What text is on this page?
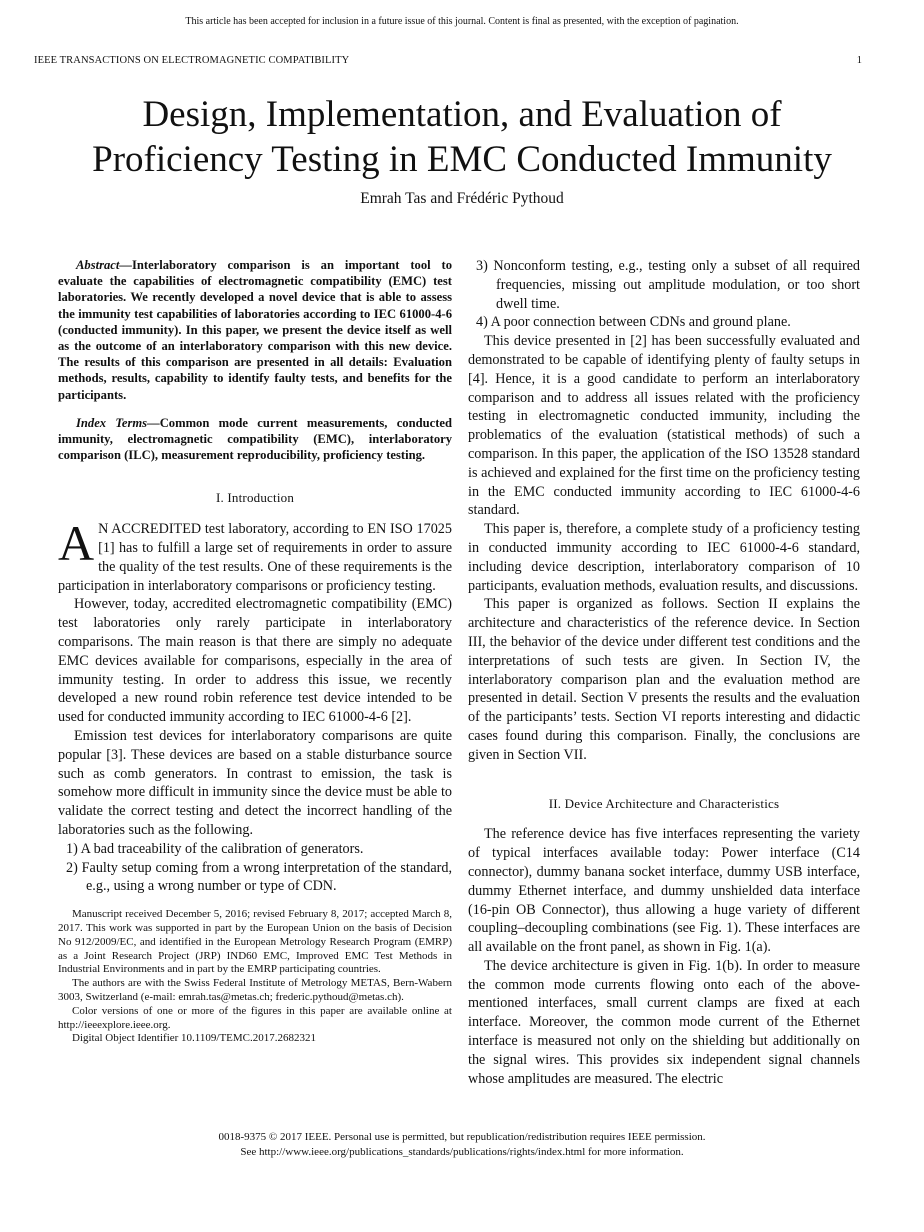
This article has been accepted for inclusion in a future issue of this journal. Content is final as presented, with the exception of pagination.
IEEE TRANSACTIONS ON ELECTROMAGNETIC COMPATIBILITY	1
Design, Implementation, and Evaluation of
Proficiency Testing in EMC Conducted Immunity
Emrah Tas and Frédéric Pythoud

Abstract—Interlaboratory comparison is an important tool to evaluate the capabilities of electromagnetic compatibility (EMC) test laboratories. We recently developed a novel device that is able to assess the immunity test capabilities of laboratories according to IEC 61000-4-6 (conducted immunity). In this paper, we present the device itself as well as the outcome of an interlaboratory comparison with this new device. The results of this comparison are presented in all details: Evaluation methods, results, capability to identify faulty tests, and benefits for the participants.

Index Terms—Common mode current measurements, conducted immunity, electromagnetic compatibility (EMC), interlaboratory comparison (ILC), measurement reproducibility, proficiency testing.

I. Introduction

A N ACCREDITED test laboratory, according to EN ISO 17025 [1] has to fulfill a large set of requirements in order to assure the quality of the test results. One of these requirements is the participation in interlaboratory comparisons or proficiency testing.

However, today, accredited electromagnetic compatibility (EMC) test laboratories only rarely participate in interlaboratory comparisons. The main reason is that there are simply no adequate EMC devices available for comparisons, especially in the area of immunity testing. In order to address this issue, we recently developed a new round robin reference test device intended to be used for conducted immunity according to IEC 61000-4-6 [2].

Emission test devices for interlaboratory comparisons are quite popular [3]. These devices are based on a stable disturbance source such as comb generators. In contrast to emission, the task is somehow more difficult in immunity since the device must be able to validate the correct testing and detect the incorrect handling of the laboratories such as the following.

1) A bad traceability of the calibration of generators.
2) Faulty setup coming from a wrong interpretation of the standard, e.g., using a wrong number or type of CDN.

Manuscript received December 5, 2016; revised February 8, 2017; accepted March 8, 2017. This work was supported in part by the European Union on the basis of Decision No 912/2009/EC, and identified in the European Metrology Research Program (EMRP) as a Joint Research Project (JRP) IND60 EMC, Improved EMC Test Methods in Industrial Environments and in part by the EMRP participating countries.

The authors are with the Swiss Federal Institute of Metrology METAS, Bern-Wabern 3003, Switzerland (e-mail: emrah.tas@metas.ch; frederic.pythoud@metas.ch).

Color versions of one or more of the figures in this paper are available online at http://ieeexplore.ieee.org.

Digital Object Identifier 10.1109/TEMC.2017.2682321

3) Nonconform testing, e.g., testing only a subset of all required frequencies, missing out amplitude modulation, or too short dwell time.
4) A poor connection between CDNs and ground plane.

This device presented in [2] has been successfully evaluated and demonstrated to be capable of identifying plenty of faulty setups in [4]. Hence, it is a good candidate to perform an interlaboratory comparison and to address all issues related with the proficiency testing in electromagnetic conducted immunity, including the problematics of the evaluation (statistical methods) of such a comparison. In this paper, the application of the ISO 13528 standard is achieved and explained for the first time on the proficiency testing in the EMC conducted immunity according to IEC 61000-4-6 standard.

This paper is, therefore, a complete study of a proficiency testing in conducted immunity according to IEC 61000-4-6 standard, including device description, interlaboratory comparison of 10 participants, evaluation methods, evaluation results, and discussions.

This paper is organized as follows. Section II explains the architecture and characteristics of the reference device. In Section III, the behavior of the device under different test conditions and the interpretations of such tests are given. In Section IV, the interlaboratory comparison plan and the evaluation method are presented in detail. Section V presents the results and the evaluation of the participants’ tests. Section VI reports interesting and didactic cases found during this comparison. Finally, the conclusions are given in Section VII.

II. Device Architecture and Characteristics

The reference device has five interfaces representing the variety of typical interfaces available today: Power interface (C14 connector), dummy banana socket interface, dummy USB interface, dummy Ethernet interface, and dummy unshielded data interface (16-pin OB Connector), thus allowing a huge variety of different coupling–decoupling combinations (see Fig. 1). These interfaces are all available on the front panel, as shown in Fig. 1(a).

The device architecture is given in Fig. 1(b). In order to measure the common mode currents flowing onto each of the above-mentioned interfaces, small current clamps are fixed at each interface. Moreover, the common mode current of the Ethernet interface is measured not only on the shielding but additionally on the signal wires. This provides six independent signal channels whose amplitudes are measured. The electric

0018-9375 © 2017 IEEE. Personal use is permitted, but republication/redistribution requires IEEE permission.
See http://www.ieee.org/publications_standards/publications/rights/index.html for more information.
